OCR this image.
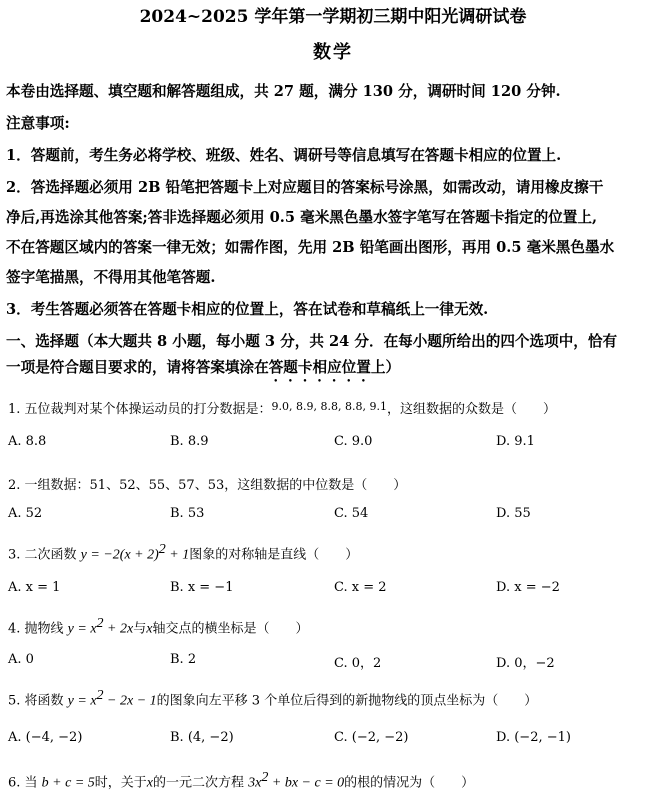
2024~2025 学年第一学期初三期中阳光调研试卷
数学
本卷由选择题、填空题和解答题组成，共 27 题，满分 130 分，调研时间 120 分钟.
注意事项:
1．答题前，考生务必将学校、班级、姓名、调研号等信息填写在答题卡相应的位置上.
2．答选择题必须用 2B 铅笔把答题卡上对应题目的答案标号涂黑，如需改动，请用橡皮擦干
净后,再选涂其他答案;答非选择题必须用 0.5 毫米黑色墨水签字笔写在答题卡指定的位置上,
不在答题区域内的答案一律无效；如需作图，先用 2B 铅笔画出图形，再用 0.5 毫米黑色墨水
签字笔描黑，不得用其他笔答题.
3．考生答题必须答在答题卡相应的位置上，答在试卷和草稿纸上一律无效.
一、选择题（本大题共 8 小题，每小题 3 分，共 24 分．在每小题所给出的四个选项中，恰有
一项是符合题目要求的，请将答案填涂在答题卡相应位置上）
1. 五位裁判对某个体操运动员的打分数据是：$^{9.0, 8.9, 8.8, 8.8, 9.1}$，这组数据的众数是（　　）
A. 8.8	B. 8.9	C. 9.0	D. 9.1
2. 一组数据：51、52、55、57、53，这组数据的中位数是（　　）
A. 52	B. 53	C. 54	D. 55
3. 二次函数 $y = -2(x + 2)^2 + 1$图象的对称轴是直线（　　）
A. x = 1	B. x = −1	C. x = 2	D. x = −2
4. 抛物线 $y = x^2 + 2x$与x轴交点的横坐标是（　　）
A. 0	B. 2	C. 0，2	D. 0，−2
5. 将函数 $y = x^2 - 2x - 1$的图象向左平移 3 个单位后得到的新抛物线的顶点坐标为（　　）
A. (−4, −2)	B. (4, −2)	C. (−2, −2)	D. (−2, −1)
6. 当 b + c = 5时，关于x的一元二次方程 $3x^2$ + bx − c = 0的根的情况为（　　）
